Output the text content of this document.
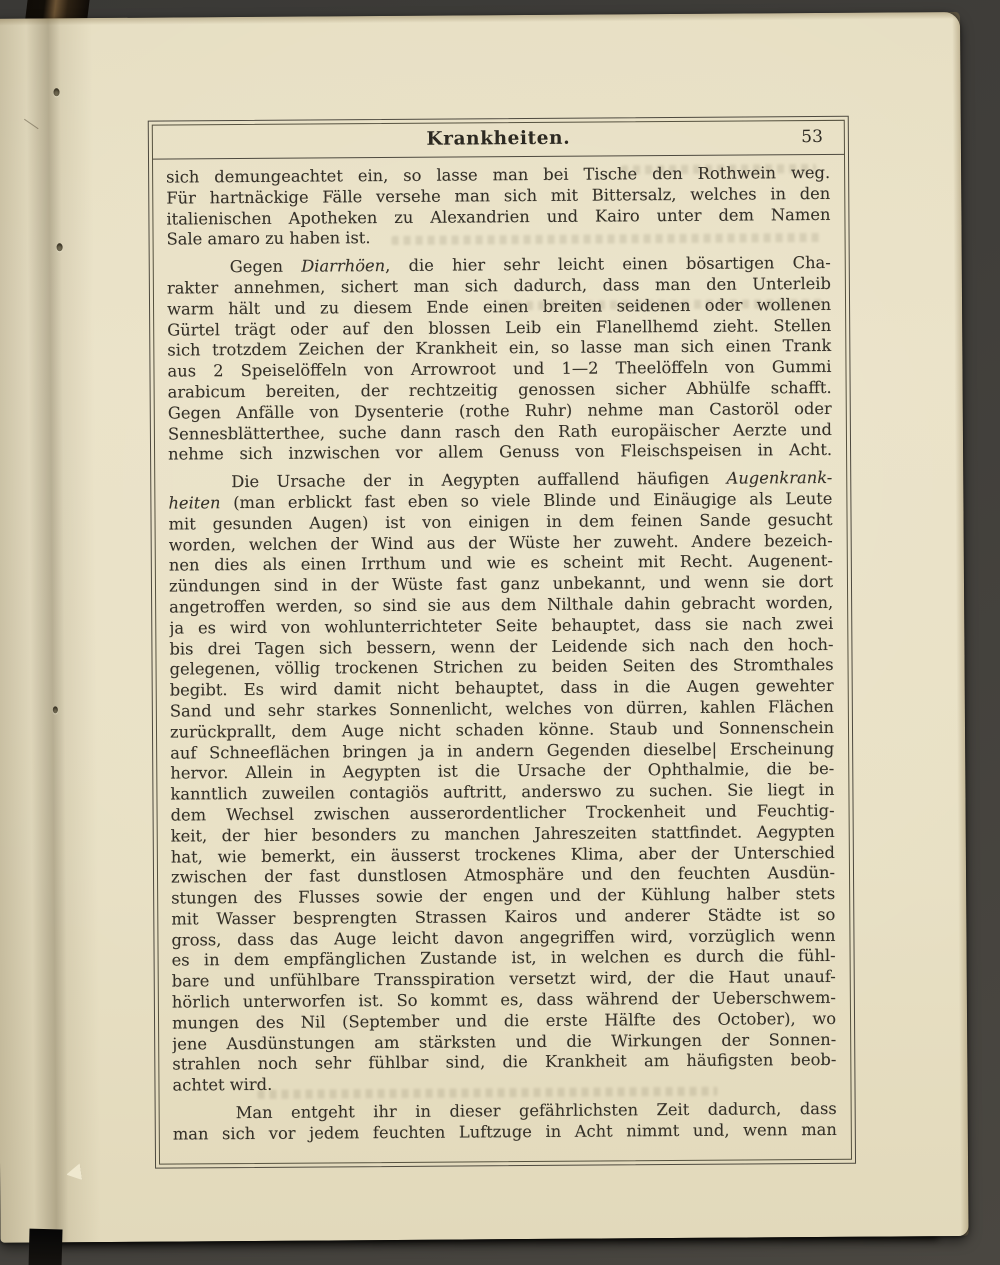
Krankheiten.	53
sich demungeachtet ein, so lasse man bei Tische den Rothwein weg.
Für hartnäckige Fälle versehe man sich mit Bittersalz, welches in den
italienischen Apotheken zu Alexandrien und Kairo unter dem Namen
Sale amaro zu haben ist.
Gegen Diarrhöen, die hier sehr leicht einen bösartigen Cha-
rakter annehmen, sichert man sich dadurch, dass man den Unterleib
warm hält und zu diesem Ende einen breiten seidenen oder wollenen
Gürtel trägt oder auf den blossen Leib ein Flanellhemd zieht. Stellen
sich trotzdem Zeichen der Krankheit ein, so lasse man sich einen Trank
aus 2 Speiselöffeln von Arrowroot und 1—2 Theelöffeln von Gummi
arabicum bereiten, der rechtzeitig genossen sicher Abhülfe schafft.
Gegen Anfälle von Dysenterie (rothe Ruhr) nehme man Castoröl oder
Sennesblätterthee, suche dann rasch den Rath europäischer Aerzte und
nehme sich inzwischen vor allem Genuss von Fleischspeisen in Acht.
Die Ursache der in Aegypten auffallend häufigen Augenkrank-
heiten (man erblickt fast eben so viele Blinde und Einäugige als Leute
mit gesunden Augen) ist von einigen in dem feinen Sande gesucht
worden, welchen der Wind aus der Wüste her zuweht. Andere bezeich-
nen dies als einen Irrthum und wie es scheint mit Recht. Augenent-
zündungen sind in der Wüste fast ganz unbekannt, und wenn sie dort
angetroffen werden, so sind sie aus dem Nilthale dahin gebracht worden,
ja es wird von wohlunterrichteter Seite behauptet, dass sie nach zwei
bis drei Tagen sich bessern, wenn der Leidende sich nach den hoch-
gelegenen, völlig trockenen Strichen zu beiden Seiten des Stromthales
begibt. Es wird damit nicht behauptet, dass in die Augen gewehter
Sand und sehr starkes Sonnenlicht, welches von dürren, kahlen Flächen
zurückprallt, dem Auge nicht schaden könne. Staub und Sonnenschein
auf Schneeflächen bringen ja in andern Gegenden dieselbe| Erscheinung
hervor. Allein in Aegypten ist die Ursache der Ophthalmie, die be-
kanntlich zuweilen contagiös auftritt, anderswo zu suchen. Sie liegt in
dem Wechsel zwischen ausserordentlicher Trockenheit und Feuchtig-
keit, der hier besonders zu manchen Jahreszeiten stattfindet. Aegypten
hat, wie bemerkt, ein äusserst trockenes Klima, aber der Unterschied
zwischen der fast dunstlosen Atmosphäre und den feuchten Ausdün-
stungen des Flusses sowie der engen und der Kühlung halber stets
mit Wasser besprengten Strassen Kairos und anderer Städte ist so
gross, dass das Auge leicht davon angegriffen wird, vorzüglich wenn
es in dem empfänglichen Zustande ist, in welchen es durch die fühl-
bare und unfühlbare Transspiration versetzt wird, der die Haut unauf-
hörlich unterworfen ist. So kommt es, dass während der Ueberschwem-
mungen des Nil (September und die erste Hälfte des October), wo
jene Ausdünstungen am stärksten und die Wirkungen der Sonnen-
strahlen noch sehr fühlbar sind, die Krankheit am häufigsten beob-
achtet wird.
Man entgeht ihr in dieser gefährlichsten Zeit dadurch, dass
man sich vor jedem feuchten Luftzuge in Acht nimmt und, wenn man
